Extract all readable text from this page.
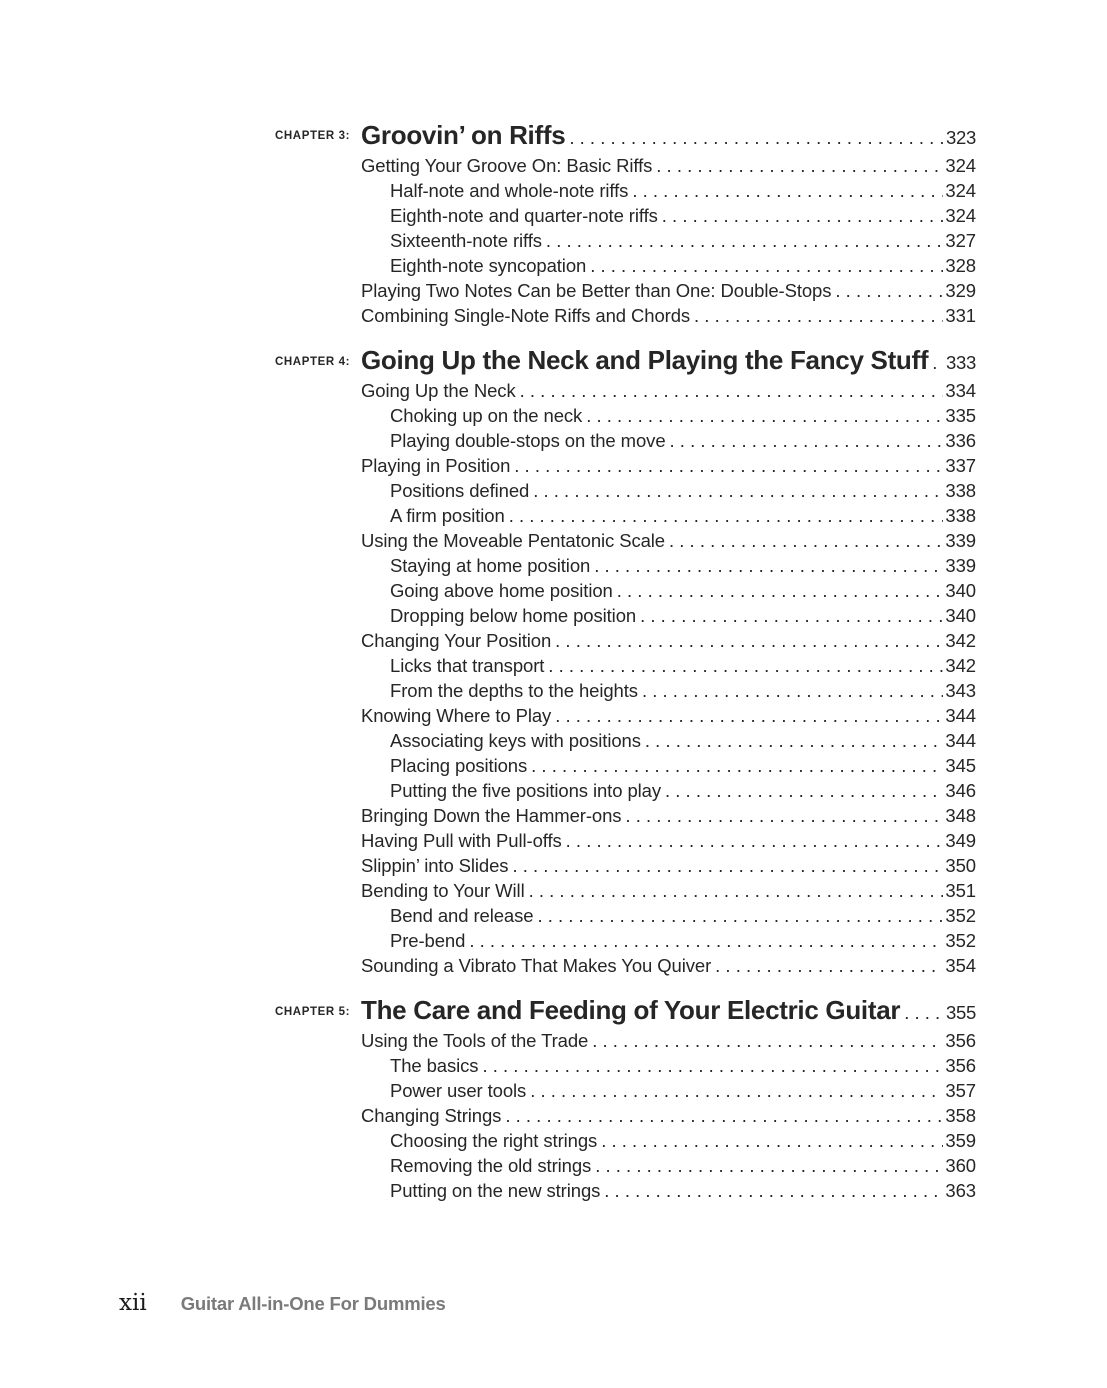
CHAPTER 3: Groovin’ on Riffs . . .	323
Getting Your Groove On: Basic Riffs . . .	324
Half-note and whole-note riffs . . .	324
Eighth-note and quarter-note riffs . . .	324
Sixteenth-note riffs . . .	327
Eighth-note syncopation . . .	328
Playing Two Notes Can be Better than One: Double-Stops . . .	329
Combining Single-Note Riffs and Chords . . .	331
CHAPTER 4: Going Up the Neck and Playing the Fancy Stuff . . . 333
Going Up the Neck . . .	334
Choking up on the neck . . .	335
Playing double-stops on the move . . .	336
Playing in Position . . .	337
Positions defined . . .	338
A firm position . . .	338
Using the Moveable Pentatonic Scale . . .	339
Staying at home position . . .	339
Going above home position . . .	340
Dropping below home position . . .	340
Changing Your Position . . .	342
Licks that transport . . .	342
From the depths to the heights . . .	343
Knowing Where to Play . . .	344
Associating keys with positions . . .	344
Placing positions . . .	345
Putting the five positions into play . . .	346
Bringing Down the Hammer-ons . . .	348
Having Pull with Pull-offs . . .	349
Slippin’ into Slides . . .	350
Bending to Your Will . . .	351
Bend and release . . .	352
Pre-bend . . .	352
Sounding a Vibrato That Makes You Quiver . . .	354
CHAPTER 5: The Care and Feeding of Your Electric Guitar . . . 355
Using the Tools of the Trade . . .	356
The basics . . .	356
Power user tools . . .	357
Changing Strings . . .	358
Choosing the right strings . . .	359
Removing the old strings . . .	360
Putting on the new strings . . .	363
xii Guitar All-in-One For Dummies
